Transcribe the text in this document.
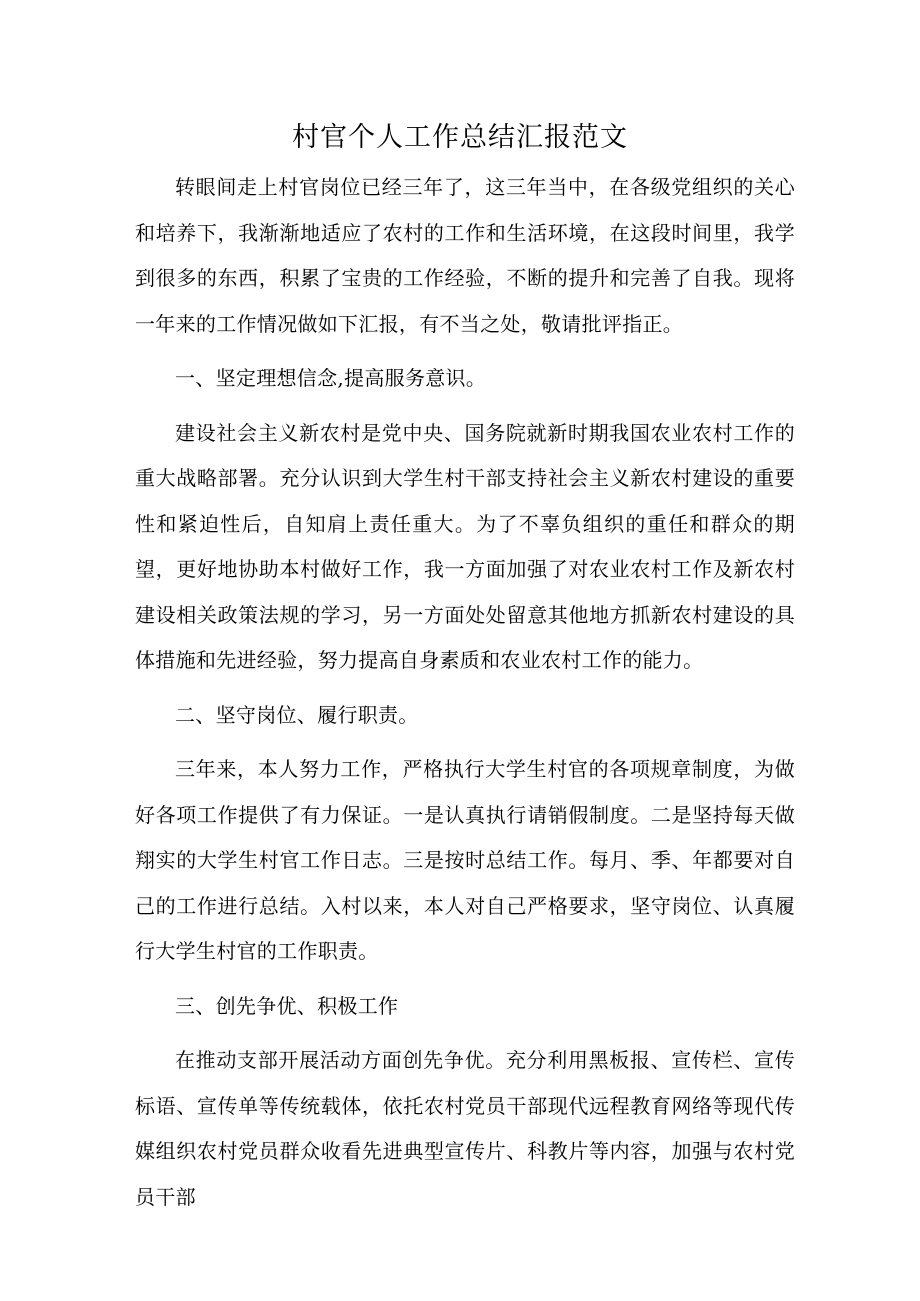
村官个人工作总结汇报范文

转眼间走上村官岗位已经三年了，这三年当中，在各级党组织的关心和培养下，我渐渐地适应了农村的工作和生活环境，在这段时间里，我学到很多的东西，积累了宝贵的工作经验，不断的提升和完善了自我。现将一年来的工作情况做如下汇报，有不当之处，敬请批评指正。

一、坚定理想信念,提高服务意识。

建设社会主义新农村是党中央、国务院就新时期我国农业农村工作的重大战略部署。充分认识到大学生村干部支持社会主义新农村建设的重要性和紧迫性后，自知肩上责任重大。为了不辜负组织的重任和群众的期望，更好地协助本村做好工作，我一方面加强了对农业农村工作及新农村建设相关政策法规的学习，另一方面处处留意其他地方抓新农村建设的具体措施和先进经验，努力提高自身素质和农业农村工作的能力。

二、坚守岗位、履行职责。

三年来，本人努力工作，严格执行大学生村官的各项规章制度，为做好各项工作提供了有力保证。一是认真执行请销假制度。二是坚持每天做翔实的大学生村官工作日志。三是按时总结工作。每月、季、年都要对自己的工作进行总结。入村以来，本人对自己严格要求，坚守岗位、认真履行大学生村官的工作职责。

三、创先争优、积极工作

在推动支部开展活动方面创先争优。充分利用黑板报、宣传栏、宣传标语、宣传单等传统载体，依托农村党员干部现代远程教育网络等现代传媒组织农村党员群众收看先进典型宣传片、科教片等内容，加强与农村党员干部
